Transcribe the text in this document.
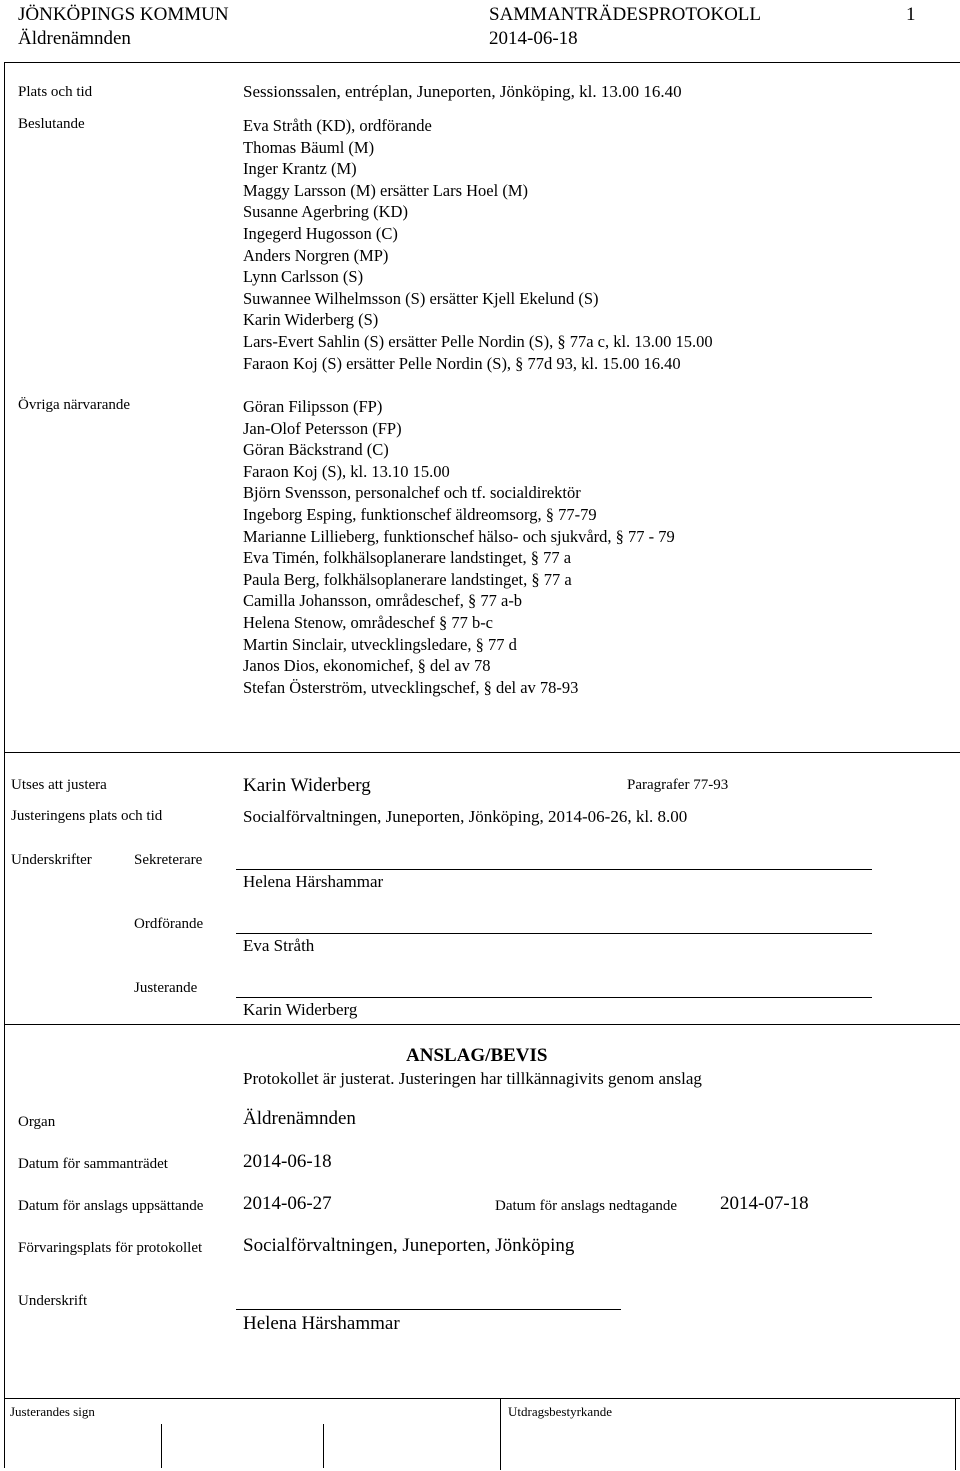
JÖNKÖPINGS KOMMUN
Äldrenämnden
SAMMANTRÄDESPROTOKOLL
2014-06-18
1
Plats och tid	Sessionssalen, entréplan, Juneporten, Jönköping, kl. 13.00 16.40
Beslutande	Eva Stråth (KD), ordförande
Thomas Bäuml (M)
Inger Krantz (M)
Maggy Larsson (M) ersätter Lars Hoel (M)
Susanne Agerbring (KD)
Ingegerd Hugosson (C)
Anders Norgren (MP)
Lynn Carlsson (S)
Suwannee Wilhelmsson (S) ersätter Kjell Ekelund (S)
Karin Widerberg (S)
Lars-Evert Sahlin (S) ersätter Pelle Nordin (S), § 77a c, kl. 13.00 15.00
Faraon Koj (S) ersätter Pelle Nordin (S), § 77d 93, kl. 15.00 16.40
Övriga närvarande	Göran Filipsson (FP)
Jan-Olof Petersson (FP)
Göran Bäckstrand (C)
Faraon Koj (S), kl. 13.10 15.00
Björn Svensson, personalchef och tf. socialdirektör
Ingeborg Esping, funktionschef äldreomsorg, § 77-79
Marianne Lillieberg, funktionschef hälso- och sjukvård, § 77 - 79
Eva Timén, folkhälsoplanerare landstinget, § 77 a
Paula Berg, folkhälsoplanerare landstinget, § 77 a
Camilla Johansson, områdeschef, § 77 a-b
Helena Stenow, områdeschef § 77 b-c
Martin Sinclair, utvecklingsledare, § 77 d
Janos Dios, ekonomichef, § del av 78
Stefan Österström, utvecklingschef, § del av 78-93
Utses att justera	Karin Widerberg	Paragrafer 77-93
Justeringens plats och tid	Socialförvaltningen, Juneporten, Jönköping, 2014-06-26, kl. 8.00
Underskrifter	Sekreterare
Helena Härshammar
Ordförande
Eva Stråth
Justerande
Karin Widerberg
ANSLAG/BEVIS
Protokollet är justerat. Justeringen har tillkännagivits genom anslag
Organ	Äldrenämnden
Datum för sammanträdet	2014-06-18
Datum för anslags uppsättande 2014-06-27	Datum för anslags nedtagande 2014-07-18
Förvaringsplats för protokollet Socialförvaltningen, Juneporten, Jönköping
Underskrift
Helena Härshammar
Justerandes sign	Utdragsbestyrkande
